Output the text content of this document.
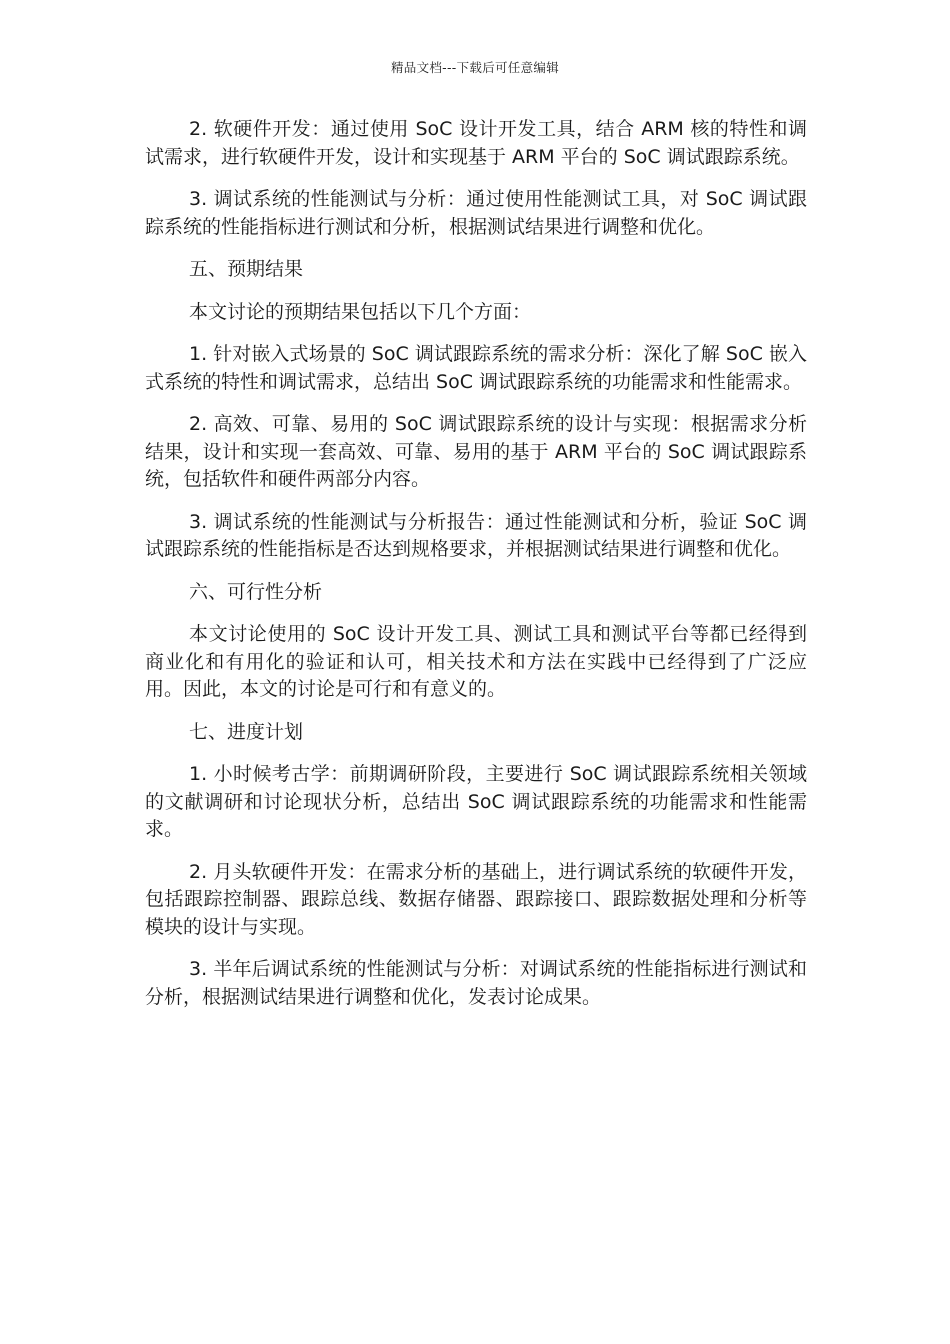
精品文档---下载后可任意编辑

2. 软硬件开发：通过使用 SoC 设计开发工具，结合 ARM 核的特性和调试需求，进行软硬件开发，设计和实现基于 ARM 平台的 SoC 调试跟踪系统。

3. 调试系统的性能测试与分析：通过使用性能测试工具，对 SoC 调试跟踪系统的性能指标进行测试和分析，根据测试结果进行调整和优化。

五、预期结果

本文讨论的预期结果包括以下几个方面：

1. 针对嵌入式场景的 SoC 调试跟踪系统的需求分析：深化了解 SoC 嵌入式系统的特性和调试需求，总结出 SoC 调试跟踪系统的功能需求和性能需求。

2. 高效、可靠、易用的 SoC 调试跟踪系统的设计与实现：根据需求分析结果，设计和实现一套高效、可靠、易用的基于 ARM 平台的 SoC 调试跟踪系统，包括软件和硬件两部分内容。

3. 调试系统的性能测试与分析报告：通过性能测试和分析，验证 SoC 调试跟踪系统的性能指标是否达到规格要求，并根据测试结果进行调整和优化。

六、可行性分析

本文讨论使用的 SoC 设计开发工具、测试工具和测试平台等都已经得到商业化和有用化的验证和认可，相关技术和方法在实践中已经得到了广泛应用。因此，本文的讨论是可行和有意义的。

七、进度计划

1. 小时候考古学：前期调研阶段，主要进行 SoC 调试跟踪系统相关领域的文献调研和讨论现状分析，总结出 SoC 调试跟踪系统的功能需求和性能需求。

2. 月头软硬件开发：在需求分析的基础上，进行调试系统的软硬件开发，包括跟踪控制器、跟踪总线、数据存储器、跟踪接口、跟踪数据处理和分析等模块的设计与实现。

3. 半年后调试系统的性能测试与分析：对调试系统的性能指标进行测试和分析，根据测试结果进行调整和优化，发表讨论成果。
